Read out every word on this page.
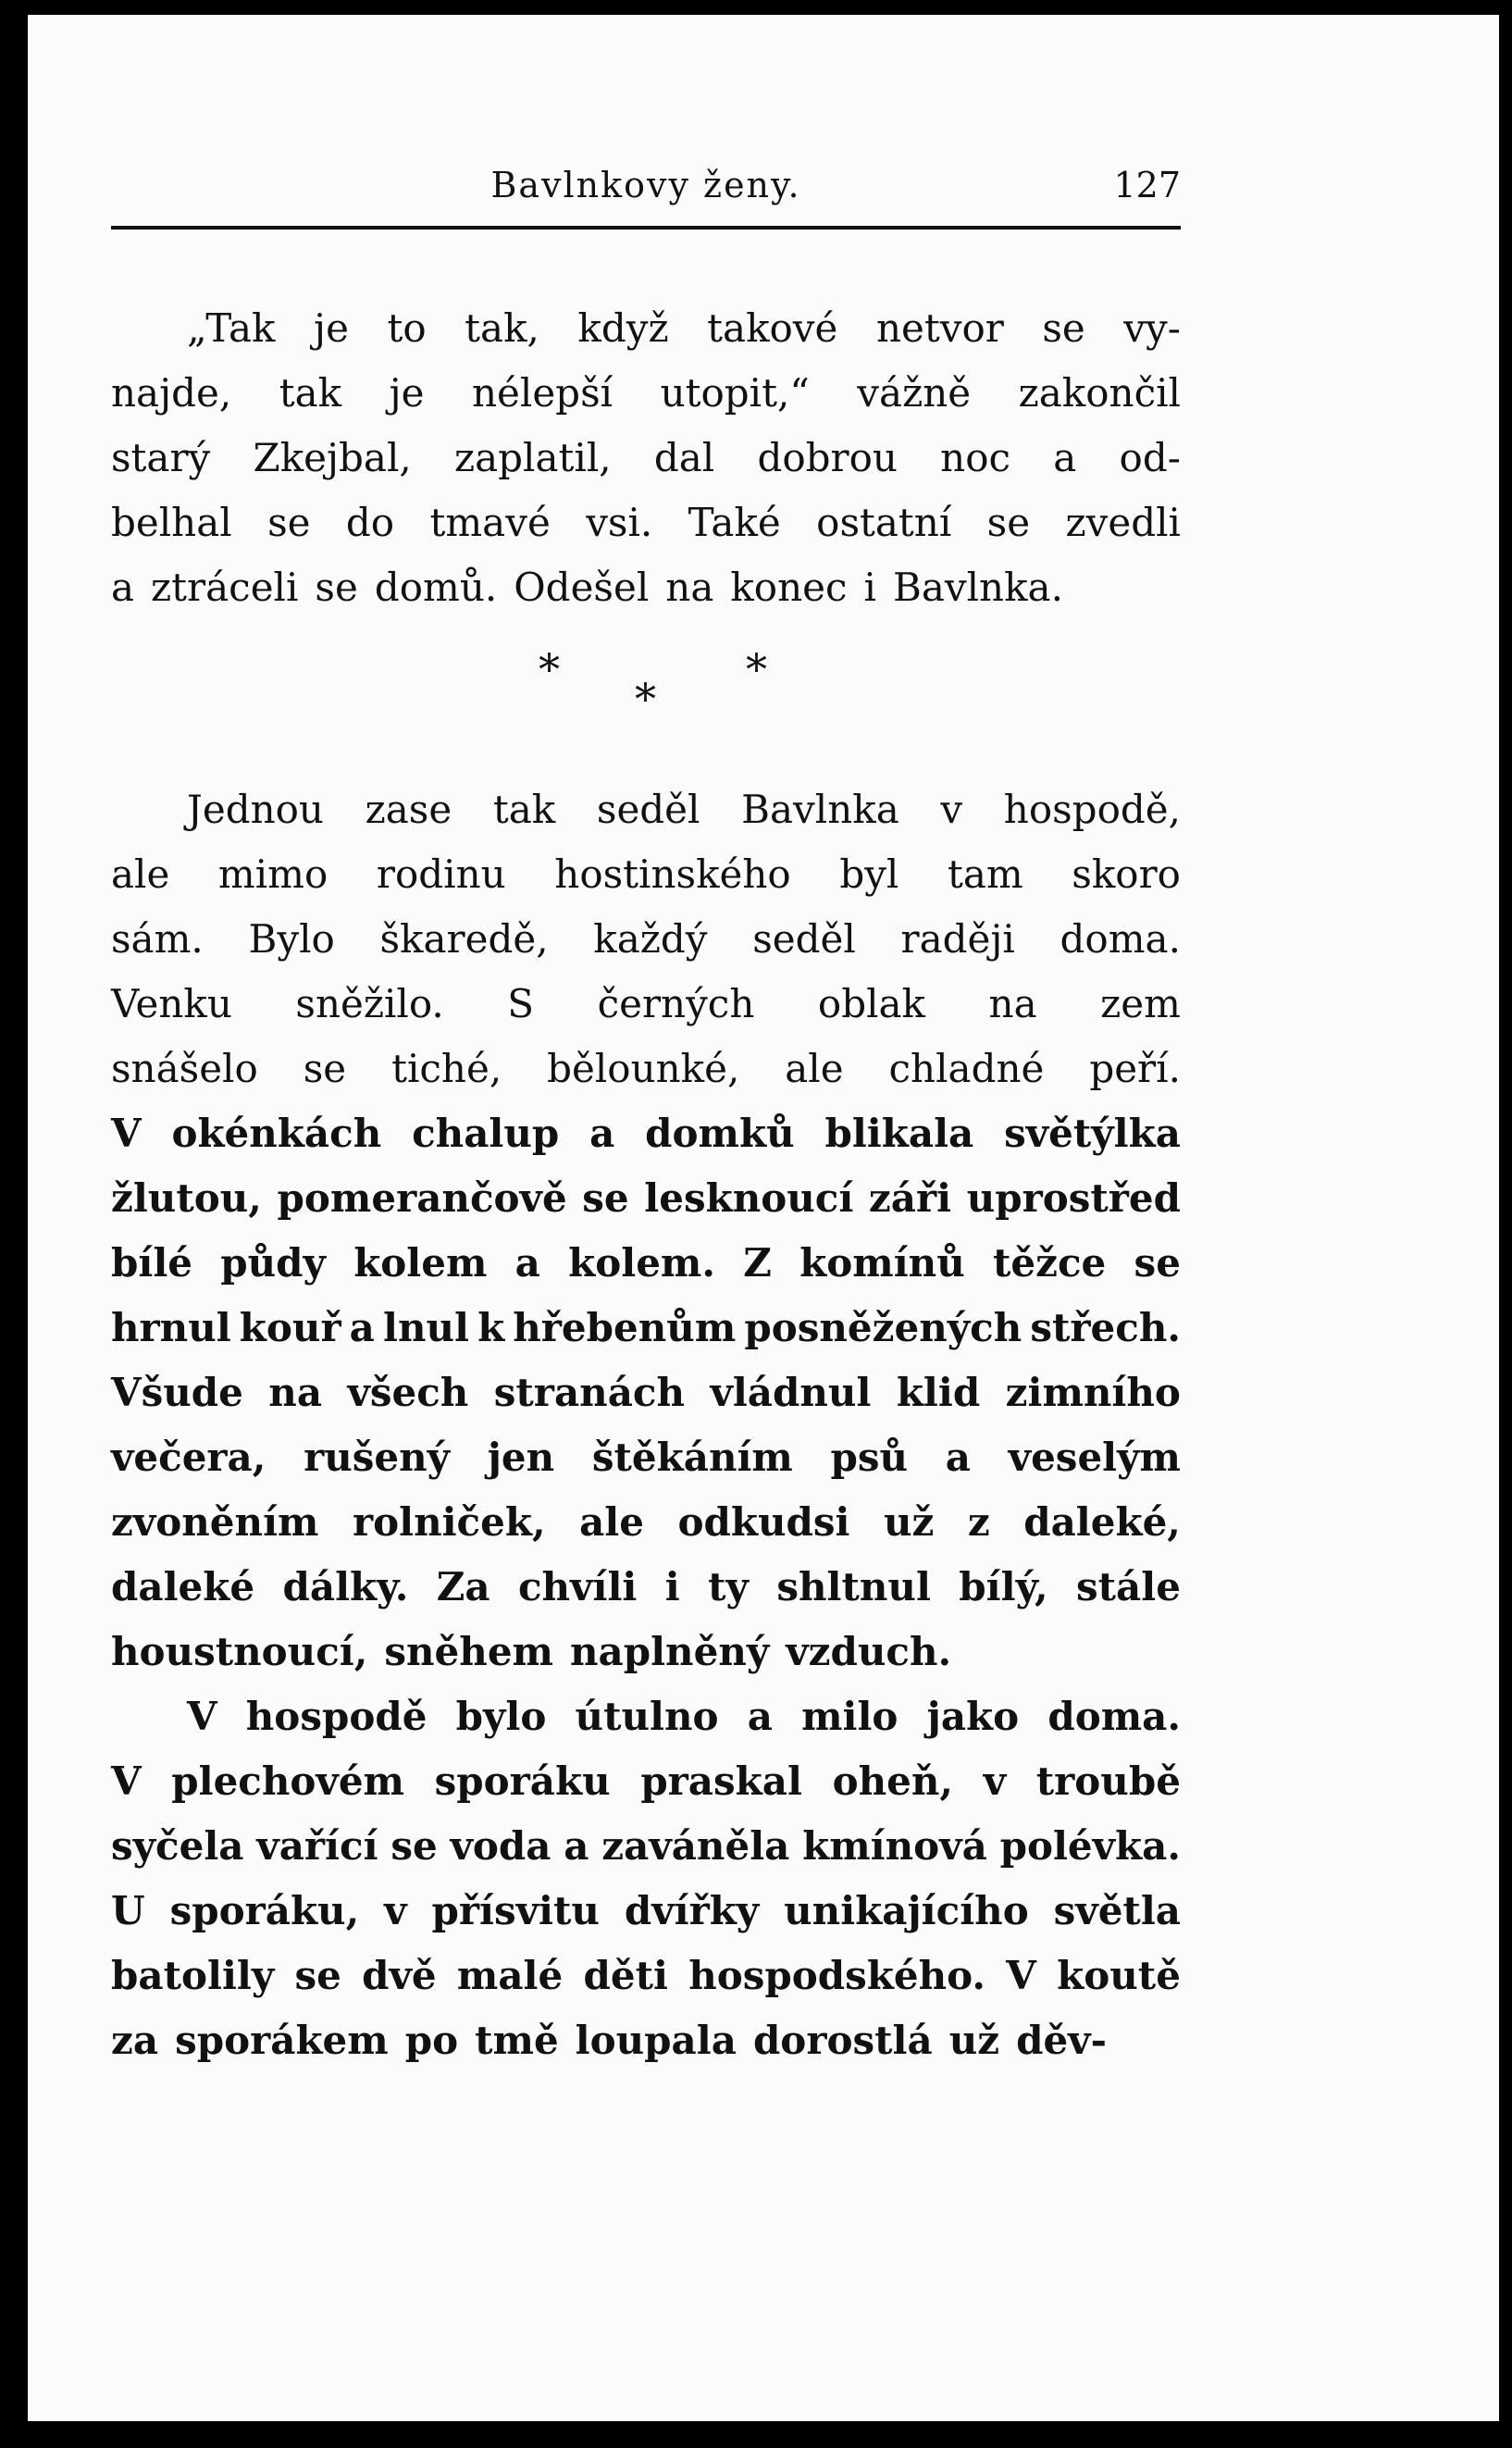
Bavlnkovy ženy.	127
„Tak je to tak, když takové netvor se vy-
najde, tak je nélepší utopit,“ vážně zakončil
starý Zkejbal, zaplatil, dal dobrou noc a od-
belhal se do tmavé vsi. Také ostatní se zvedli
a ztráceli se domů. Odešel na konec i Bavlnka.
*
*
*
Jednou zase tak seděl Bavlnka v hospodě,
ale mimo rodinu hostinského byl tam skoro
sám. Bylo škaredě, každý seděl raději doma.
Venku sněžilo. S černých oblak na zem
snášelo se tiché, bělounké, ale chladné peří.
V okénkách chalup a domků blikala světýlka
žlutou, pomerančově se lesknoucí záři uprostřed
bílé půdy kolem a kolem. Z komínů těžce se
hrnul kouř a lnul k hřebenům posněžených střech.
Všude na všech stranách vládnul klid zimního
večera, rušený jen štěkáním psů a veselým
zvoněním rolniček, ale odkudsi už z daleké,
daleké dálky. Za chvíli i ty shltnul bílý, stále
houstnoucí, sněhem naplněný vzduch.
V hospodě bylo útulno a milo jako doma.
V plechovém sporáku praskal oheň, v troubě
syčela vařící se voda a zaváněla kmínová polévka.
U sporáku, v přísvitu dvířky unikajícího světla
batolily se dvě malé děti hospodského. V koutě
za sporákem po tmě loupala dorostlá už děv-
